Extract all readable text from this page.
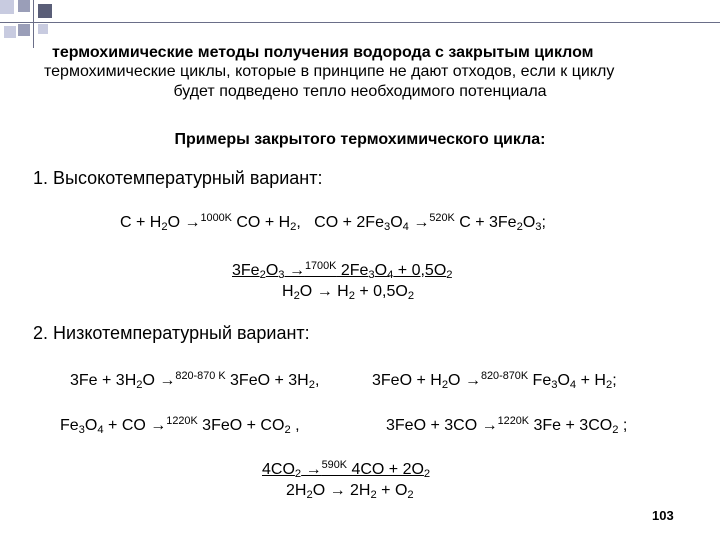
термохимические методы получения водорода с закрытым циклом
термохимические циклы, которые в принципе не дают отходов, если к циклу
будет подведено тепло необходимого потенциала
Примеры закрытого термохимического цикла:
1. Высокотемпературный вариант:
$C + H_2O \to^{1000K}$ CO + $H_2$,   CO + $2Fe_3O_4 \to^{520K}$ $C + 3Fe_2O_3$;
$3Fe_2O_3 \to^{1700K}$ $2Fe_3O_4 + 0,5O_2$
$H_2O \to H_2 + 0,5O_2$
2. Низкотемпературный вариант:
$3Fe + 3H_2O \to^{820-870 K}$ $3FeO + 3H_2$,	$3FeO + H_2O \to^{820-870K}$ $Fe_3O_4 + H_2$;
$Fe_3O_4$ + CO →$^{1220K}$ $3FeO + CO_2$ ,	3FeO + 3CO →$^{1220K}$ $3Fe + 3CO_2$ ;
$4CO_2 \to^{590K}$ $4CO + 2O_2$
$2H_2O \to 2H_2 + O_2$
103
